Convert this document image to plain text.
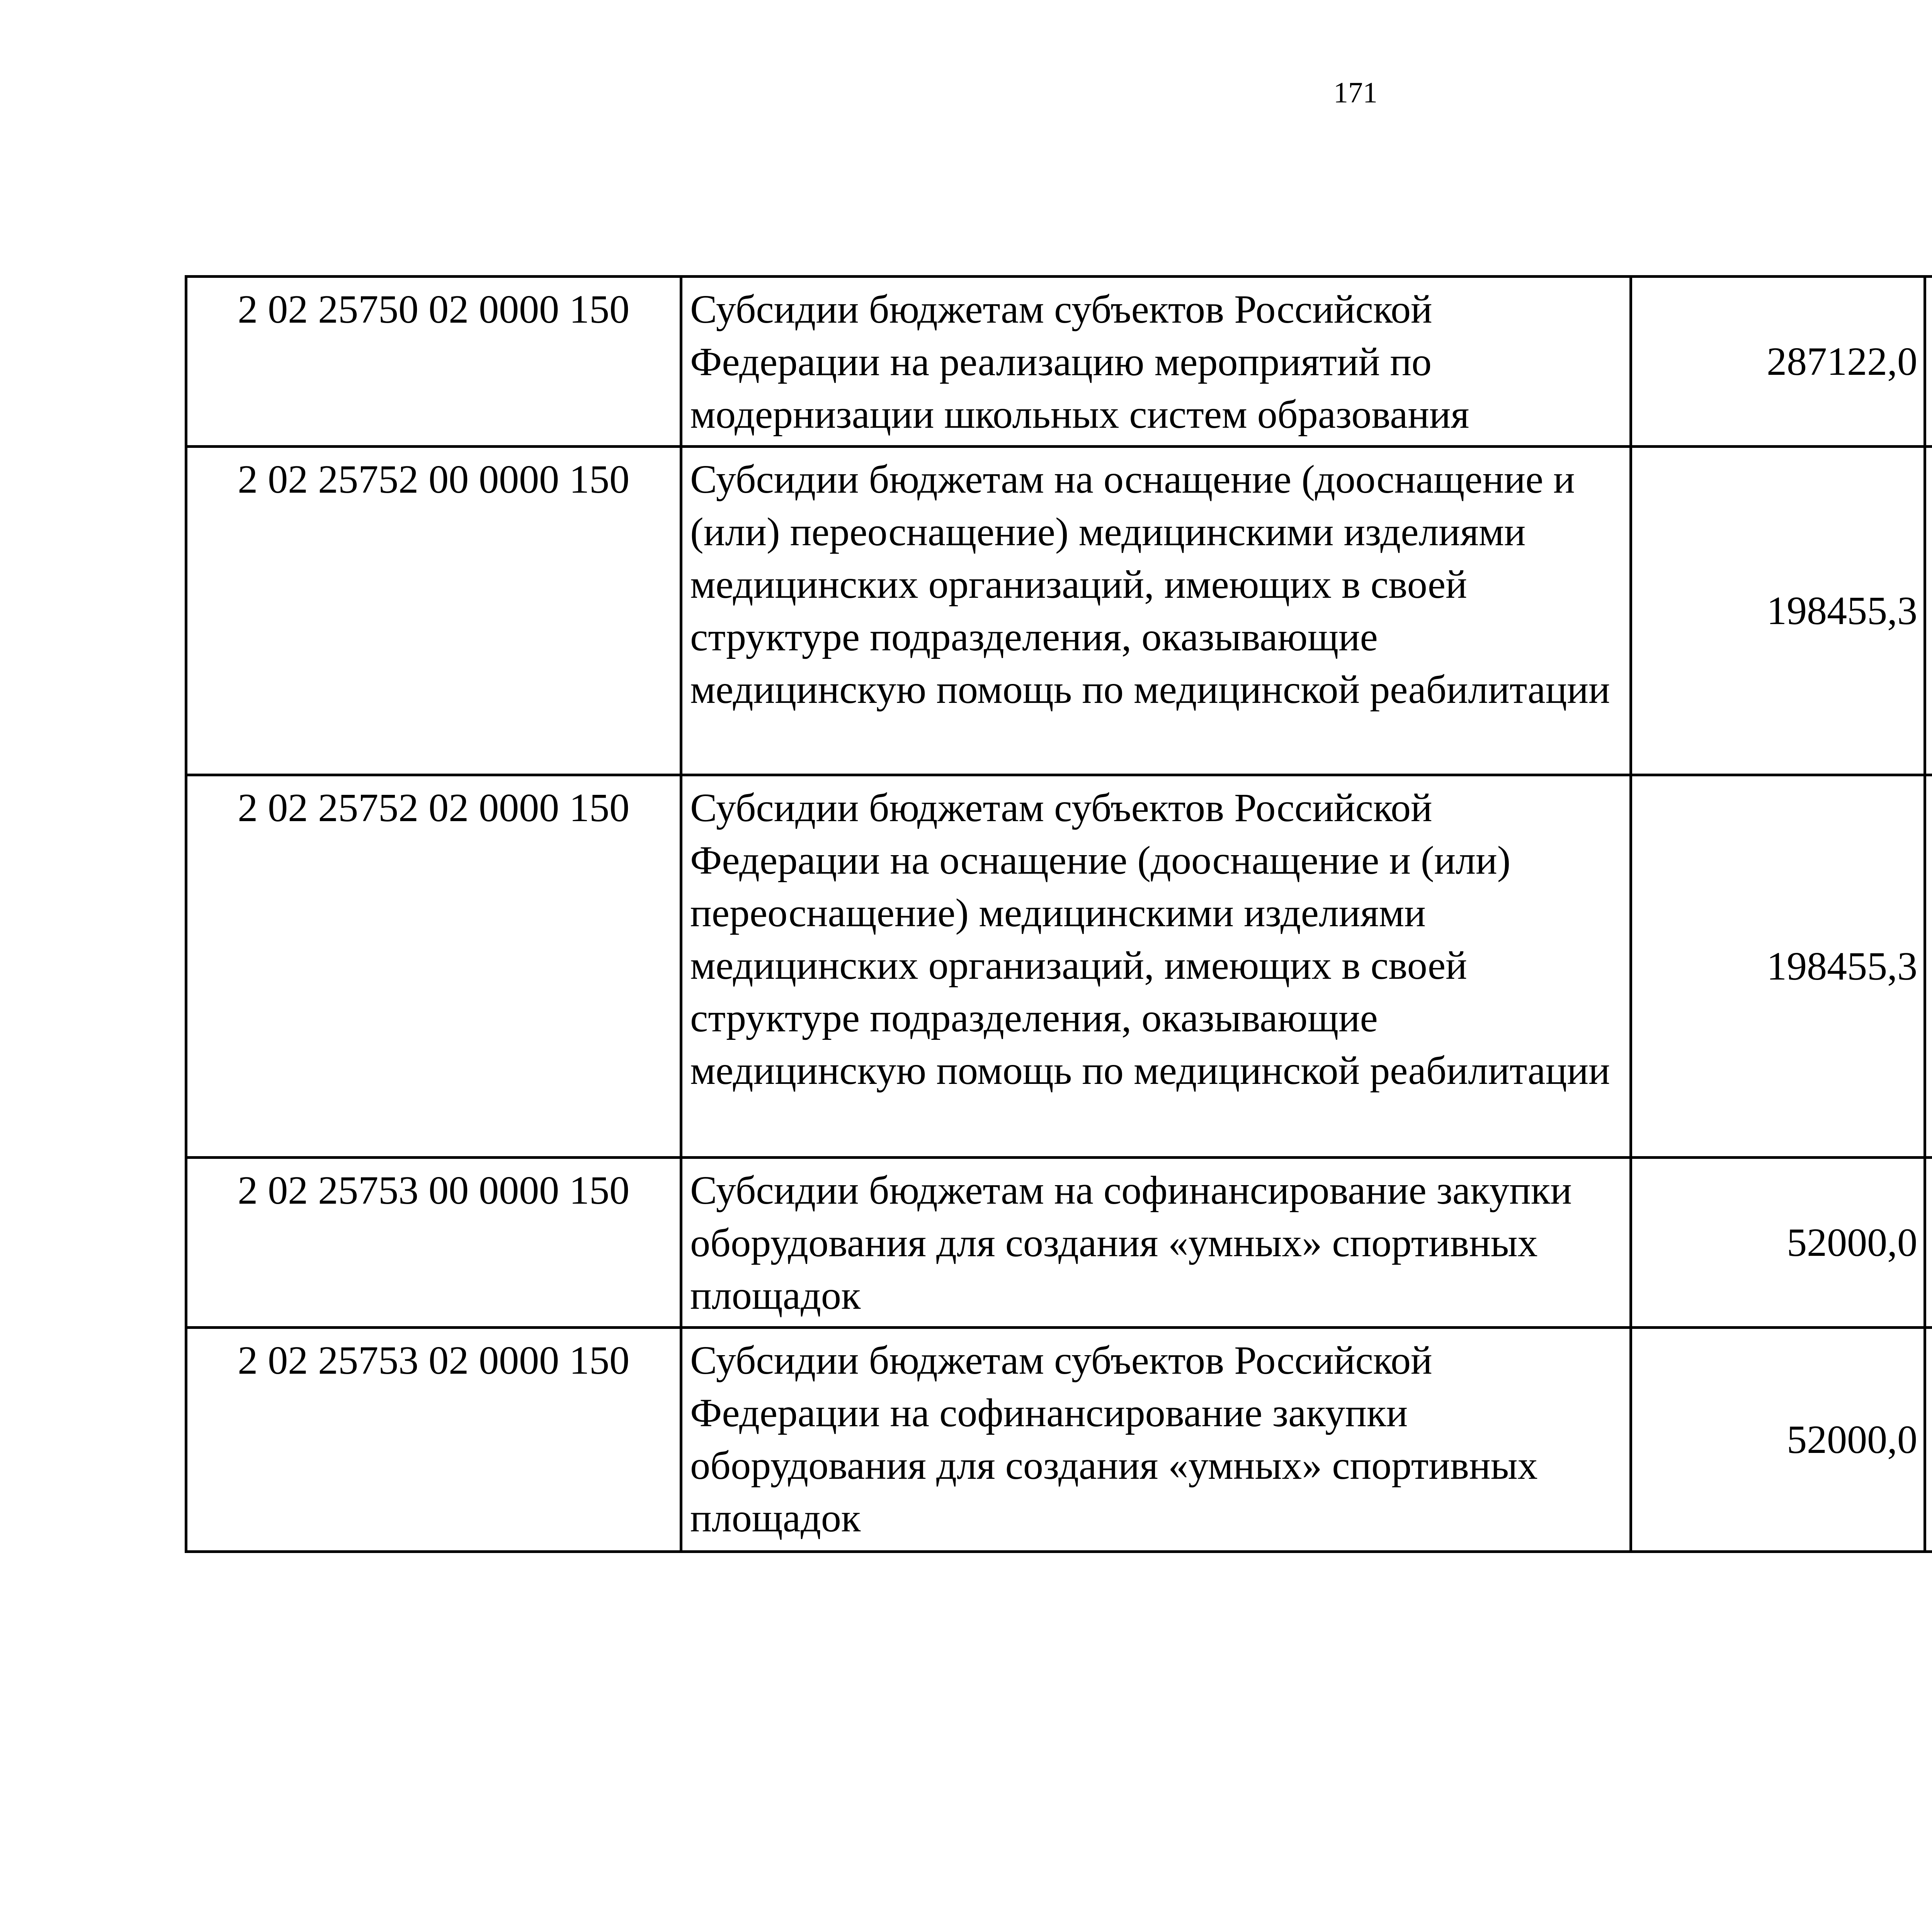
171
2 02 25750 02 0000 150	Субсидии бюджетам субъектов Российской Федерации на реализацию мероприятий по модернизации школьных систем образования	287122,0		
2 02 25752 00 0000 150	Субсидии бюджетам на оснащение (дооснащение и (или) переоснащение) медицинскими изделиями медицинских организаций, имеющих в своей структуре подразделения, оказывающие медицинскую помощь по медицинской реабилитации	198455,3		
2 02 25752 02 0000 150	Субсидии бюджетам субъектов Российской Федерации на оснащение (дооснащение и (или) переоснащение) медицинскими изделиями медицинских организаций, имеющих в своей структуре подразделения, оказывающие медицинскую помощь по медицинской реабилитации	198455,3		
2 02 25753 00 0000 150	Субсидии бюджетам на софинансирование закупки оборудования для создания «умных» спортивных площадок	52000,0		
2 02 25753 02 0000 150	Субсидии бюджетам субъектов Российской Федерации на софинансирование закупки оборудования для создания «умных» спортивных площадок	52000,0		
